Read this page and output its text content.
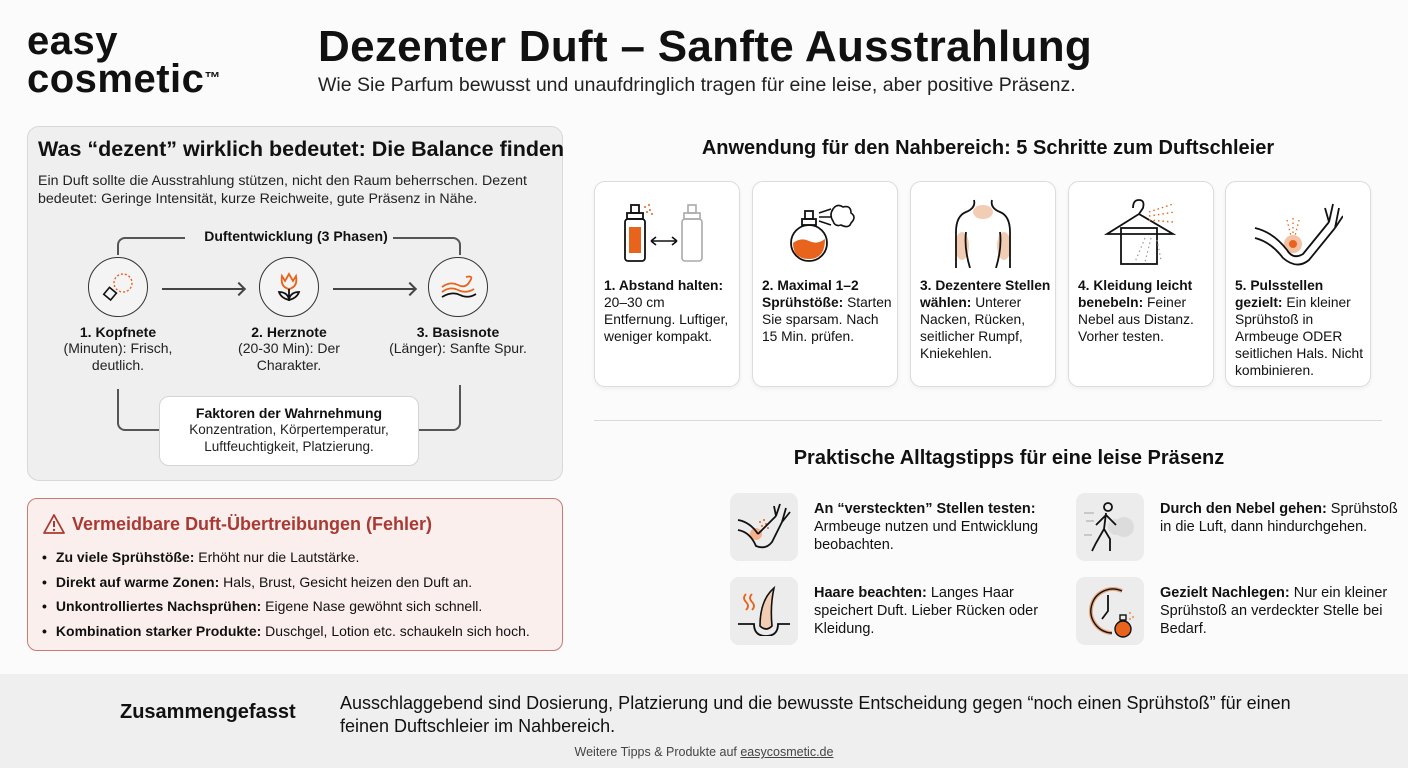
easy
cosmetic™
Dezenter Duft – Sanfte Ausstrahlung
Wie Sie Parfum bewusst und unaufdringlich tragen für eine leise, aber positive Präsenz.
Was “dezent” wirklich bedeutet: Die Balance finden

Ein Duft sollte die Ausstrahlung stützen, nicht den Raum beherrschen. Dezent bedeutet: Geringe Intensität, kurze Reichweite, gute Präsenz in Nähe.

Duftentwicklung (3 Phasen)
1. Kopfnete
(Minuten): Frisch, deutlich.
2. Herznote
(20-30 Min): Der Charakter.
3. Basisnote
(Länger): Sanfte Spur.
Faktoren der Wahrnehmung
Konzentration, Körpertemperatur, Luftfeuchtigkeit, Platzierung.
Vermeidbare Duft-Übertreibungen (Fehler)
• Zu viele Sprühstöße: Erhöht nur die Lautstärke.
• Direkt auf warme Zonen: Hals, Brust, Gesicht heizen den Duft an.
• Unkontrolliertes Nachsprühen: Eigene Nase gewöhnt sich schnell.
• Kombination starker Produkte: Duschgel, Lotion etc. schaukeln sich hoch.
Anwendung für den Nahbereich: 5 Schritte zum Duftschleier
1. Abstand halten: 20–30 cm Entfernung. Luftiger, weniger kompakt.
2. Maximal 1–2 Sprühstöße: Starten Sie sparsam. Nach 15 Min. prüfen.
3. Dezentere Stellen wählen: Unterer Nacken, Rücken, seitlicher Rumpf, Kniekehlen.
4. Kleidung leicht benebeln: Feiner Nebel aus Distanz. Vorher testen.
5. Pulsstellen gezielt: Ein kleiner Sprühstoß in Armbeuge ODER seitlichen Hals. Nicht kombinieren.
Praktische Alltagstipps für eine leise Präsenz
An “versteckten” Stellen testen: Armbeuge nutzen und Entwicklung beobachten.
Durch den Nebel gehen: Sprühstoß in die Luft, dann hindurchgehen.
Haare beachten: Langes Haar speichert Duft. Lieber Rücken oder Kleidung.
Gezielt Nachlegen: Nur ein kleiner Sprühstoß an verdeckter Stelle bei Bedarf.
Zusammengefasst Ausschlaggebend sind Dosierung, Platzierung und die bewusste Entscheidung gegen “noch einen Sprühstoß” für einen feinen Duftschleier im Nahbereich.
Weitere Tipps & Produkte auf easycosmetic.de
